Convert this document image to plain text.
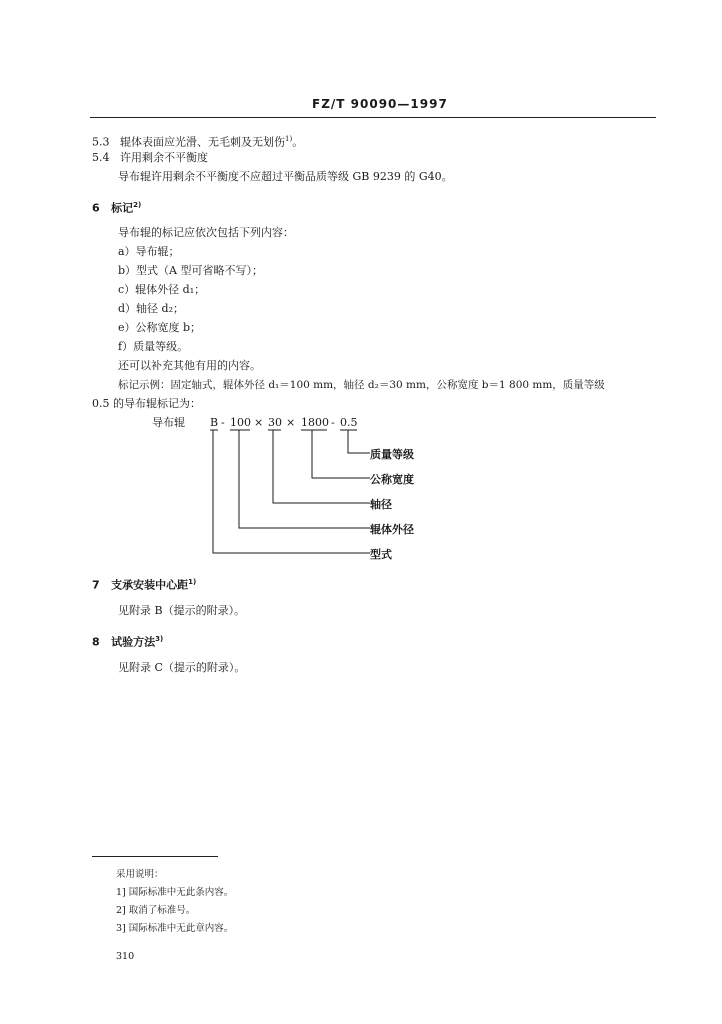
FZ/T 90090—1997
5.3 辊体表面应光滑、无毛刺及无划伤$^{1)}$。
5.4 许用剩余不平衡度
导布辊许用剩余不平衡度不应超过平衡品质等级 GB 9239 的 G40。
6 标记$^{2)}$
导布辊的标记应依次包括下列内容：
a）导布辊；
b）型式（A 型可省略不写）；
c）辊体外径 d₁；
d）轴径 d₂；
e）公称宽度 b；
f）质量等级。
还可以补充其他有用的内容。
标记示例：固定轴式，辊体外径 d₁＝100 mm，轴径 d₂＝30 mm，公称宽度 b＝1 800 mm，质量等级
0.5 的导布辊标记为：
导布辊 B - 100 × 30 × 1800 - 0.5
质量等级
公称宽度
轴径
辊体外径
型式
7 支承安装中心距$^{1)}$
见附录 B（提示的附录）。
8 试验方法$^{3)}$
见附录 C（提示的附录）。
采用说明：
1] 国际标准中无此条内容。
2] 取消了标准号。
3] 国际标准中无此章内容。
310
